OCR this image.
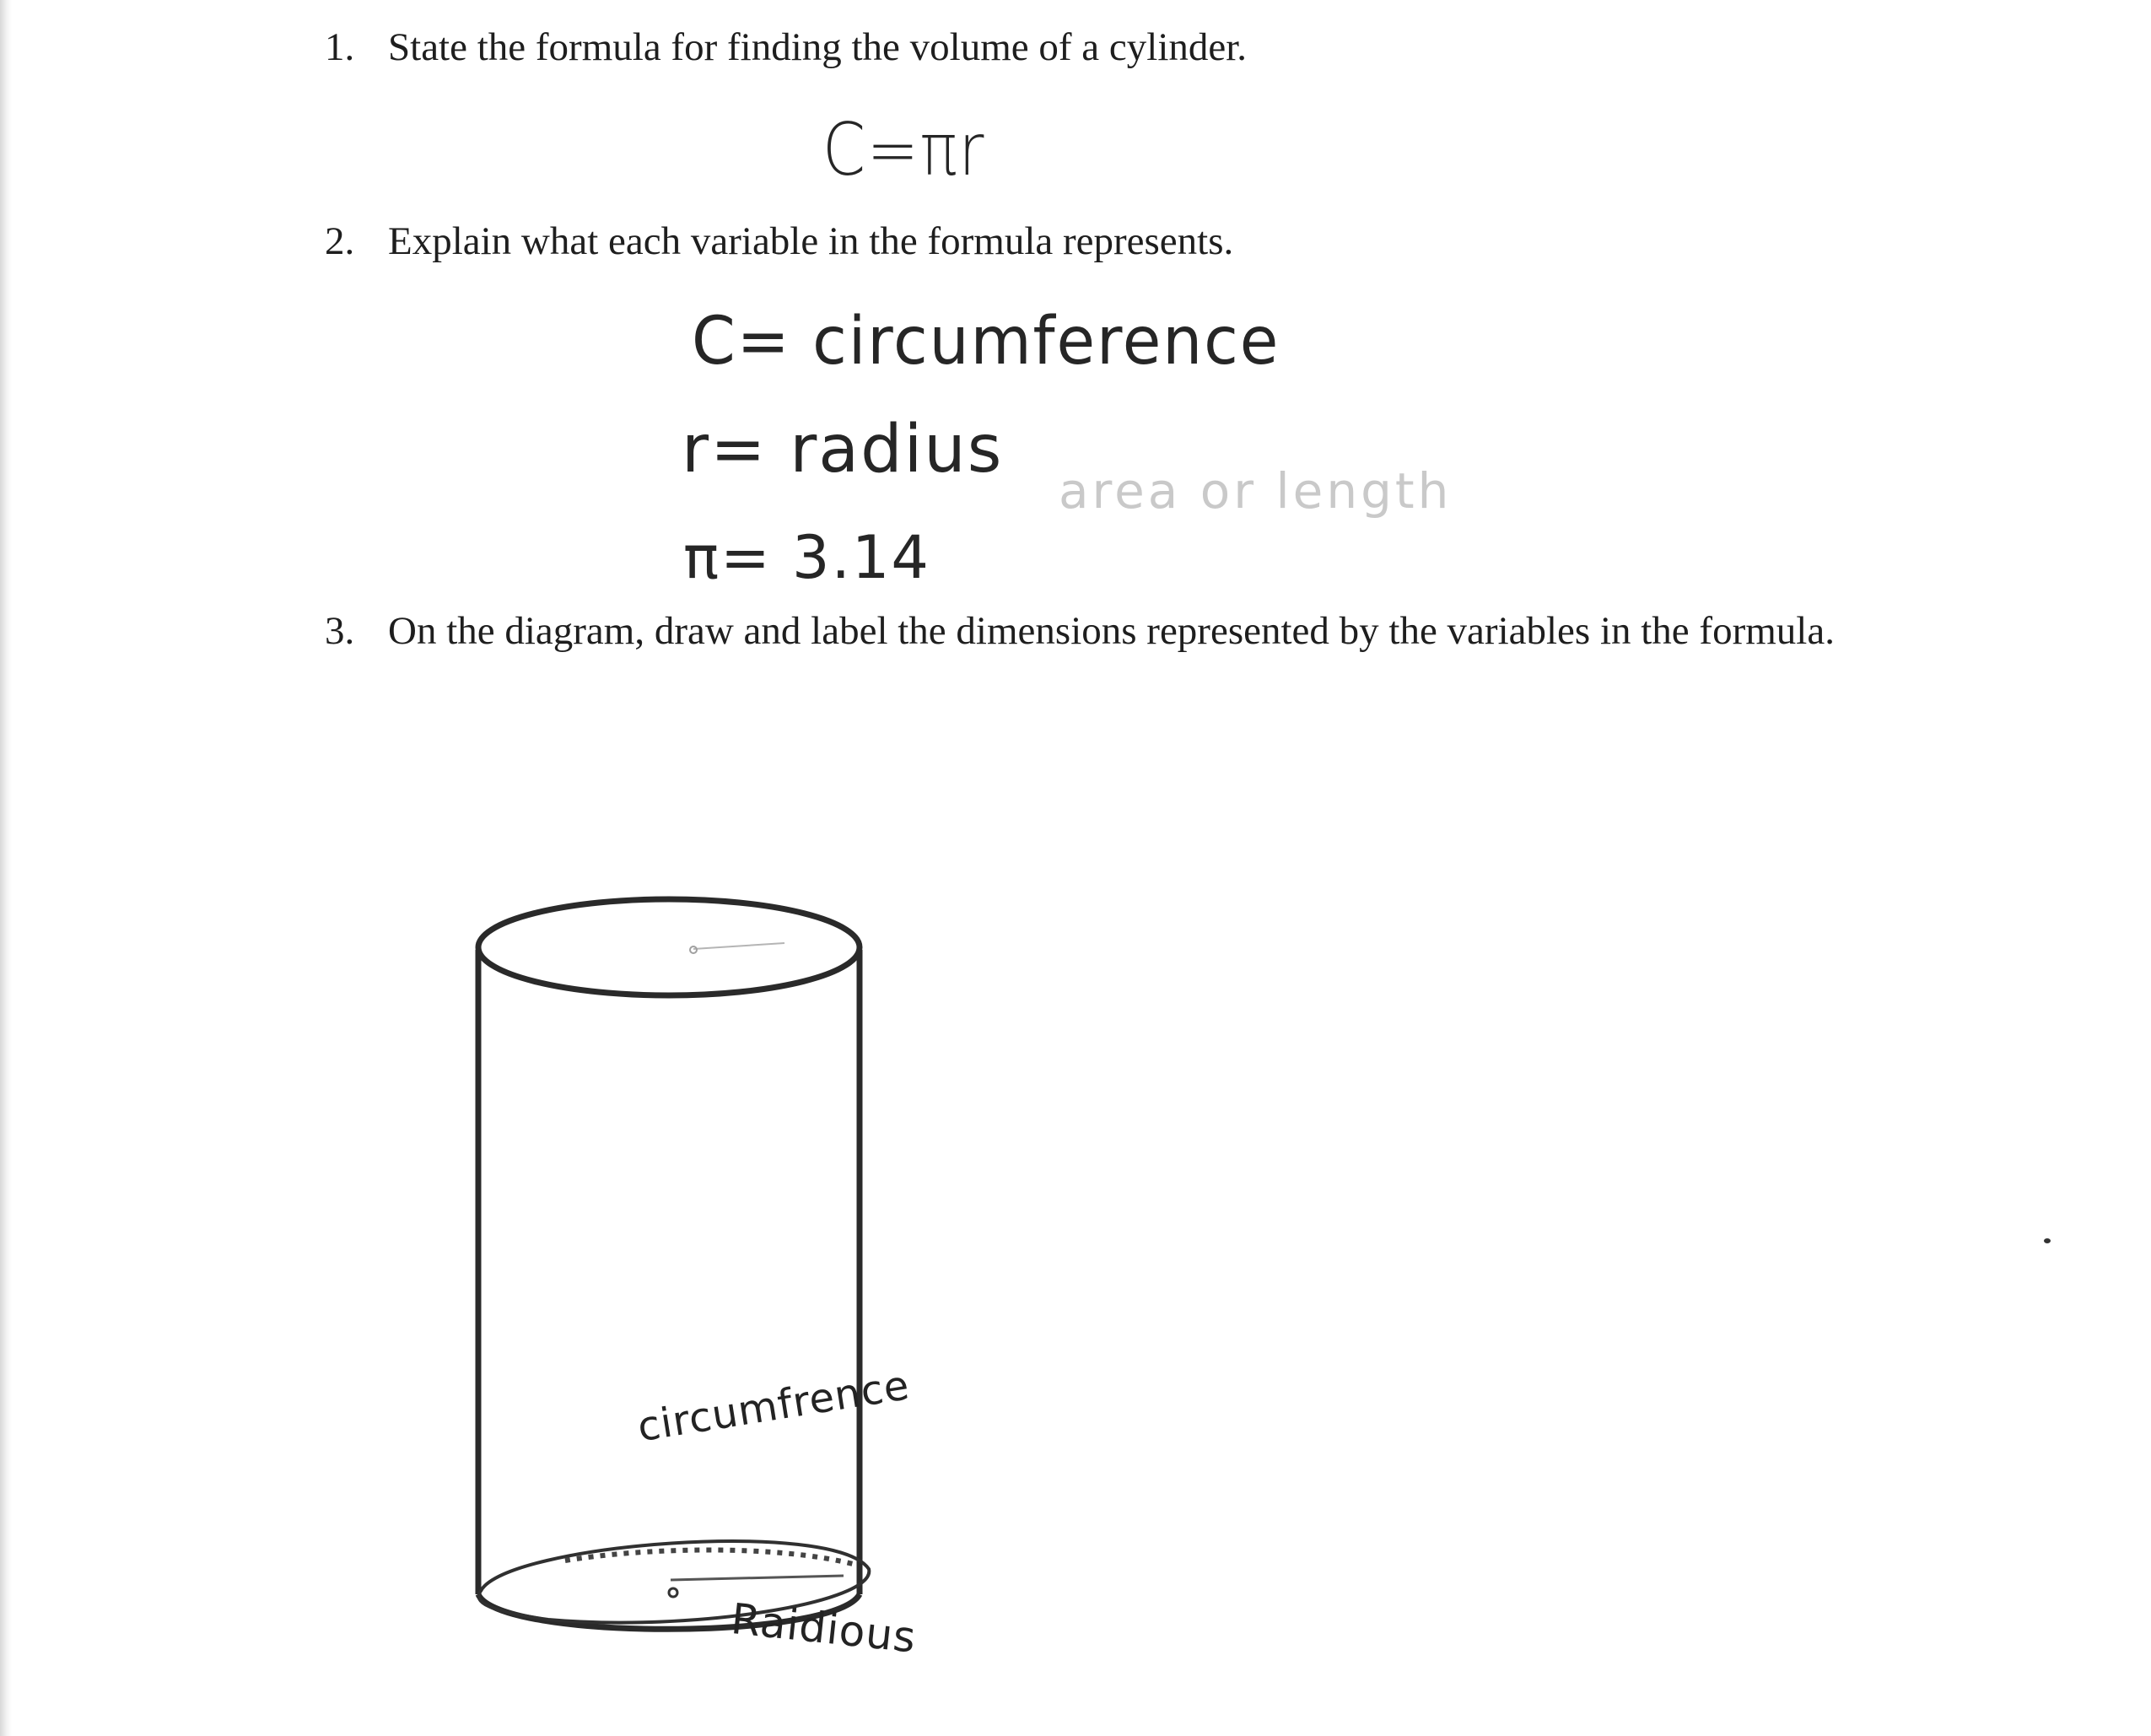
1. State the formula for finding the volume of a cylinder.
C=πr
2. Explain what each variable in the formula represents.
C= circumference
r= radius
π= 3.14
area or length
3. On the diagram, draw and label the dimensions represented by the variables in the formula.
circumfrence
Raidious
